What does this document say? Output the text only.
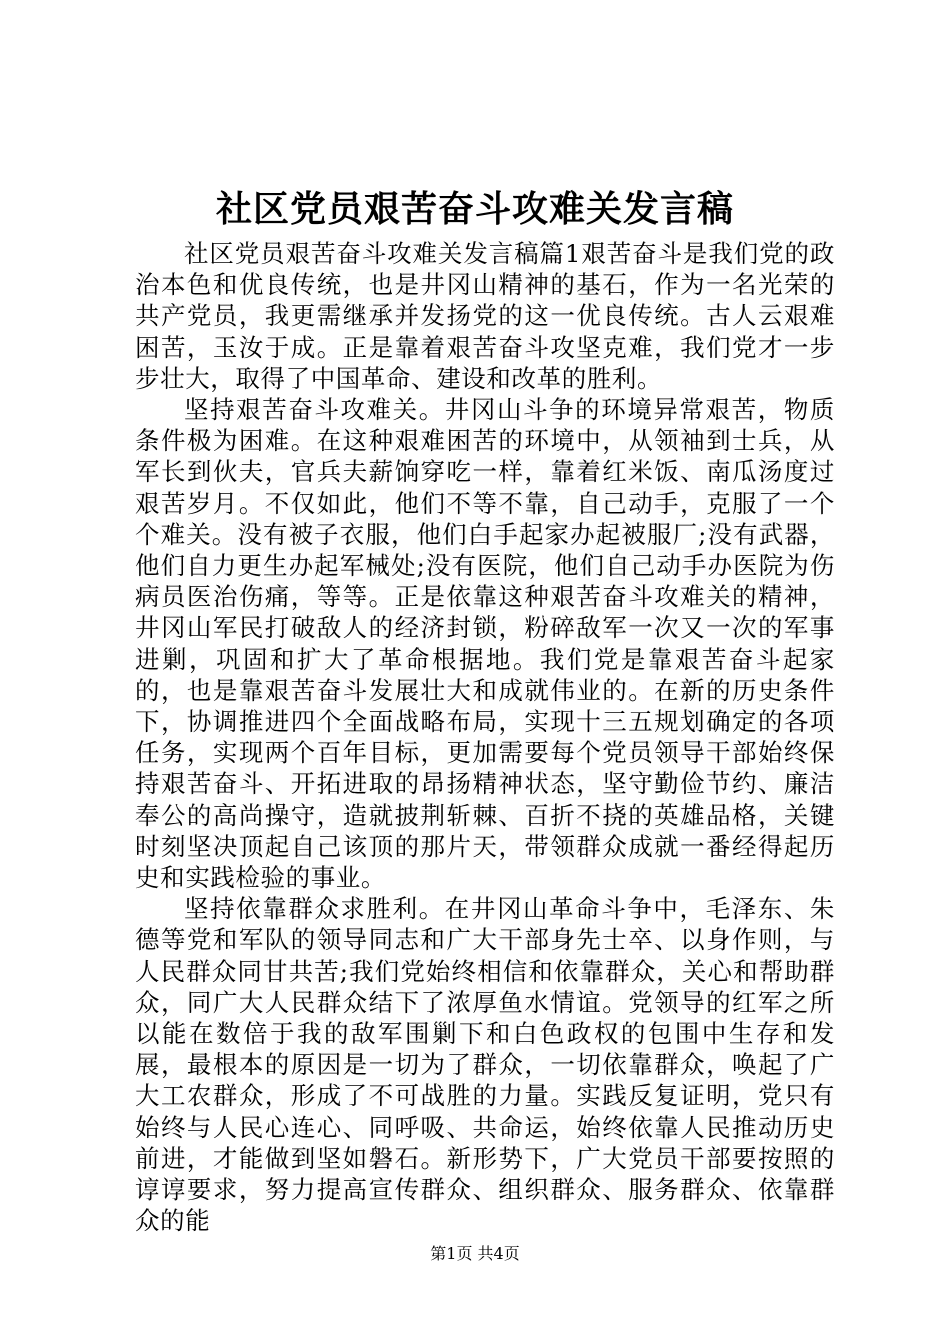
社区党员艰苦奋斗攻难关发言稿

社区党员艰苦奋斗攻难关发言稿篇1艰苦奋斗是我们党的政治本色和优良传统，也是井冈山精神的基石，作为一名光荣的共产党员，我更需继承并发扬党的这一优良传统。古人云艰难困苦，玉汝于成。正是靠着艰苦奋斗攻坚克难，我们党才一步步壮大，取得了中国革命、建设和改革的胜利。

坚持艰苦奋斗攻难关。井冈山斗争的环境异常艰苦，物质条件极为困难。在这种艰难困苦的环境中，从领袖到士兵，从军长到伙夫，官兵夫薪饷穿吃一样，靠着红米饭、南瓜汤度过艰苦岁月。不仅如此，他们不等不靠，自己动手，克服了一个个难关。没有被子衣服，他们白手起家办起被服厂;没有武器，他们自力更生办起军械处;没有医院，他们自己动手办医院为伤病员医治伤痛，等等。正是依靠这种艰苦奋斗攻难关的精神，井冈山军民打破敌人的经济封锁，粉碎敌军一次又一次的军事进剿，巩固和扩大了革命根据地。我们党是靠艰苦奋斗起家的，也是靠艰苦奋斗发展壮大和成就伟业的。在新的历史条件下，协调推进四个全面战略布局，实现十三五规划确定的各项任务，实现两个百年目标，更加需要每个党员领导干部始终保持艰苦奋斗、开拓进取的昂扬精神状态，坚守勤俭节约、廉洁奉公的高尚操守，造就披荆斩棘、百折不挠的英雄品格，关键时刻坚决顶起自己该顶的那片天，带领群众成就一番经得起历史和实践检验的事业。

坚持依靠群众求胜利。在井冈山革命斗争中，毛泽东、朱德等党和军队的领导同志和广大干部身先士卒、以身作则，与人民群众同甘共苦;我们党始终相信和依靠群众，关心和帮助群众，同广大人民群众结下了浓厚鱼水情谊。党领导的红军之所以能在数倍于我的敌军围剿下和白色政权的包围中生存和发展，最根本的原因是一切为了群众，一切依靠群众，唤起了广大工农群众，形成了不可战胜的力量。实践反复证明，党只有始终与人民心连心、同呼吸、共命运，始终依靠人民推动历史前进，才能做到坚如磐石。新形势下，广大党员干部要按照的谆谆要求，努力提高宣传群众、组织群众、服务群众、依靠群众的能

第1页 共4页
